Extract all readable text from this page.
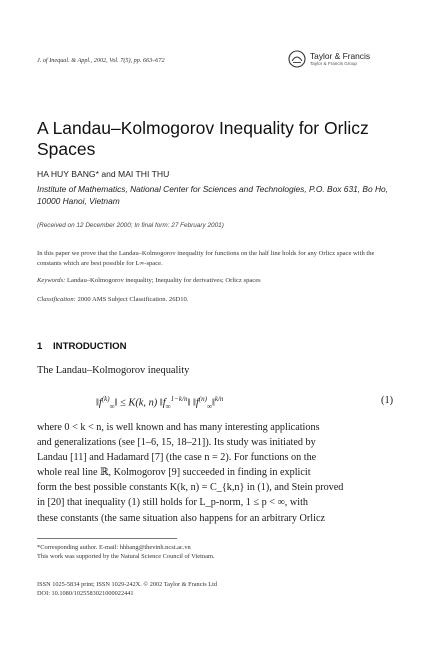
J. of Inequal. & Appl., 2002, Vol. 7(5), pp. 663–672	Taylor & Francis
Taylor & Francis Group
A Landau–Kolmogorov Inequality for Orlicz Spaces
HA HUY BANG* and MAI THI THU
Institute of Mathematics, National Center for Sciences and Technologies, P.O. Box 631, Bo Ho, 10000 Hanoi, Vietnam
(Received on 12 December 2000; In final form: 27 February 2001)
In this paper we prove that the Landau–Kolmogorov inequality for functions on the half line holds for any Orlicz space with the constants which are best possible for L∞-space.
Keywords: Landau–Kolmogorov inequality; Inequality for derivatives; Orlicz spaces
Classification: 2000 AMS Subject Classification. 26D10.
1 INTRODUCTION
The Landau–Kolmogorov inequality
$‖f^{(k)}_\infty‖ \le K(k$, n) $‖f_\infty^{1-k/n}‖$ $‖f^{(n)}_\infty‖^{k/n}$	(1)
where 0 < k < n, is well known and has many interesting applications
and generalizations (see [1–6, 15, 18–21]). Its study was initiated by
Landau [11] and Hadamard [7] (the case n = 2). For functions on the
whole real line ℝ, Kolmogorov [9] succeeded in finding in explicit
form the best possible constants K(k, n) = C_{k,n} in (1), and Stein proved
in [20] that inequality (1) still holds for L_p-norm, 1 ≤ p < ∞, with
these constants (the same situation also happens for an arbitrary Orlicz
*Corresponding author. E-mail: hhbang@thevinh.ncst.ac.vn
This work was supported by the Natural Science Council of Vietnam.
ISSN 1025-5834 print; ISSN 1029-242X. © 2002 Taylor & Francis Ltd
DOI: 10.1080/1025583021000022441
